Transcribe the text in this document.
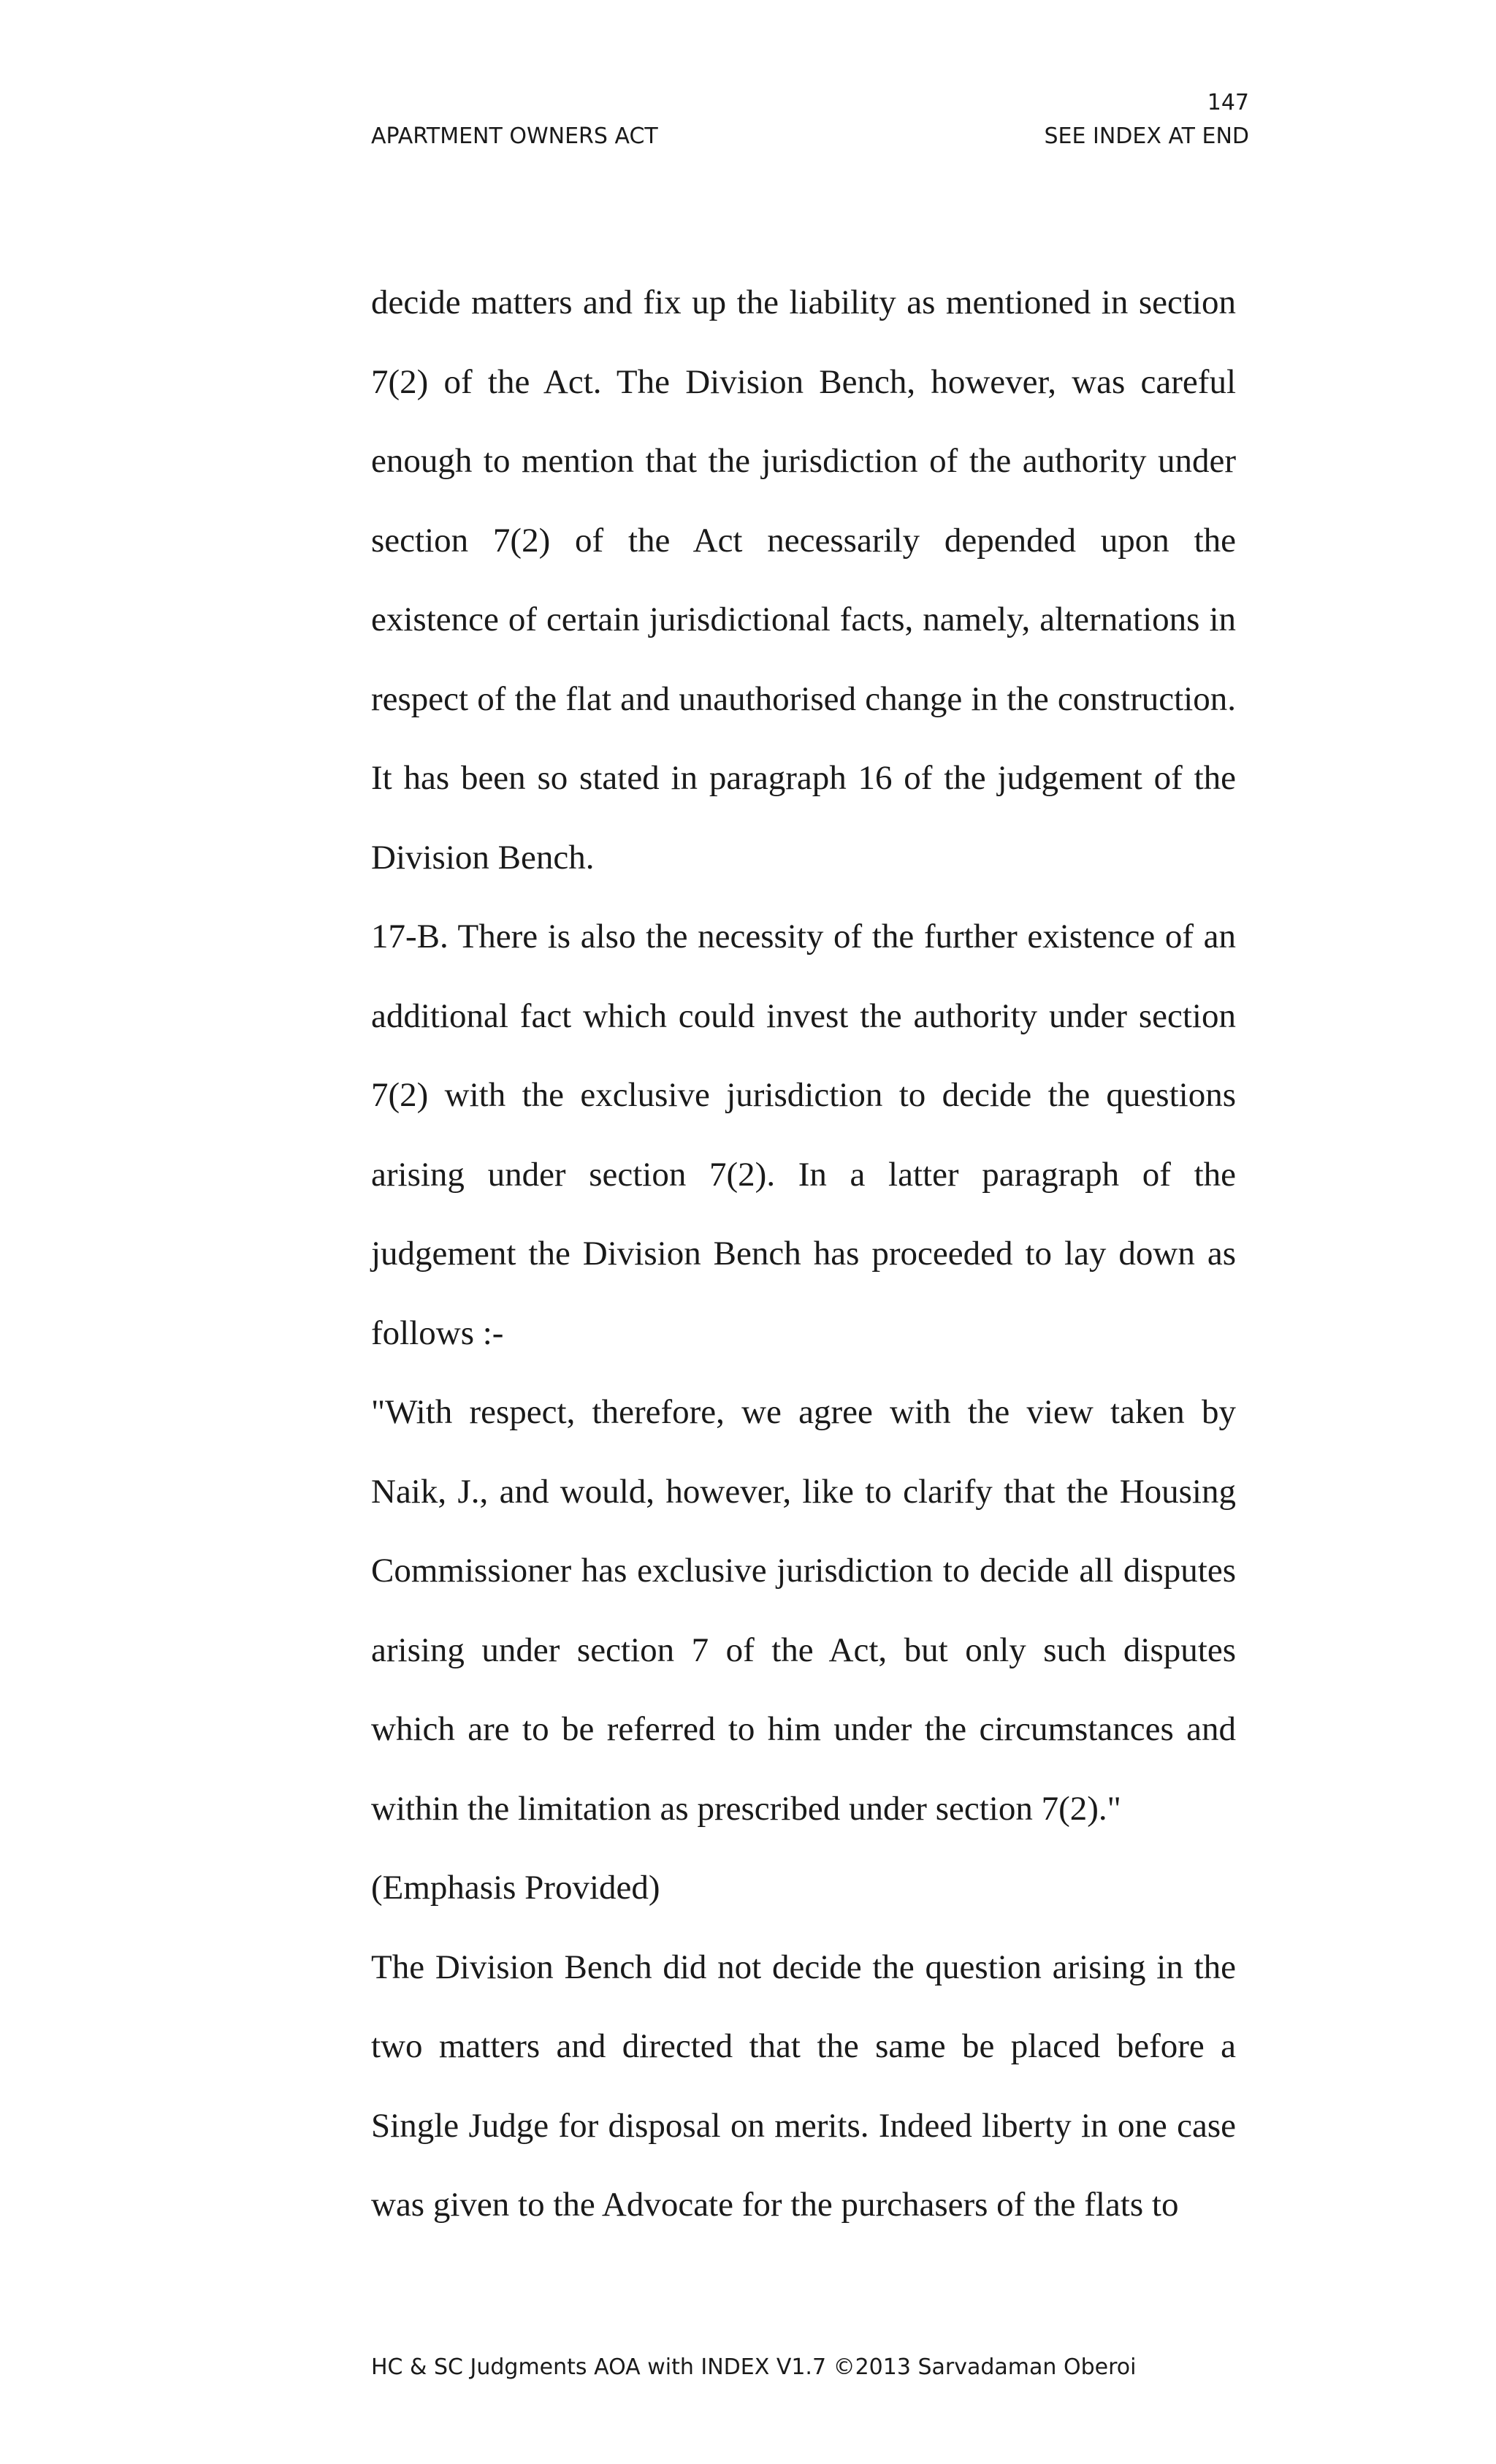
147
APARTMENT OWNERS ACT	SEE INDEX AT END

decide matters and fix up the liability as mentioned in section 7(2) of the Act. The Division Bench, however, was careful enough to mention that the jurisdiction of the authority under section 7(2) of the Act necessarily depended upon the existence of certain jurisdictional facts, namely, alternations in respect of the flat and unauthorised change in the construction. It has been so stated in paragraph 16 of the judgement of the Division Bench.

17-B. There is also the necessity of the further existence of an additional fact which could invest the authority under section 7(2) with the exclusive jurisdiction to decide the questions arising under section 7(2). In a latter paragraph of the judgement the Division Bench has proceeded to lay down as follows :-

"With respect, therefore, we agree with the view taken by Naik, J., and would, however, like to clarify that the Housing Commissioner has exclusive jurisdiction to decide all disputes arising under section 7 of the Act, but only such disputes which are to be referred to him under the circumstances and within the limitation as prescribed under section 7(2)."

(Emphasis Provided)

The Division Bench did not decide the question arising in the two matters and directed that the same be placed before a Single Judge for disposal on merits. Indeed liberty in one case was given to the Advocate for the purchasers of the flats to

HC & SC Judgments AOA with INDEX V1.7 ©2013 Sarvadaman Oberoi
